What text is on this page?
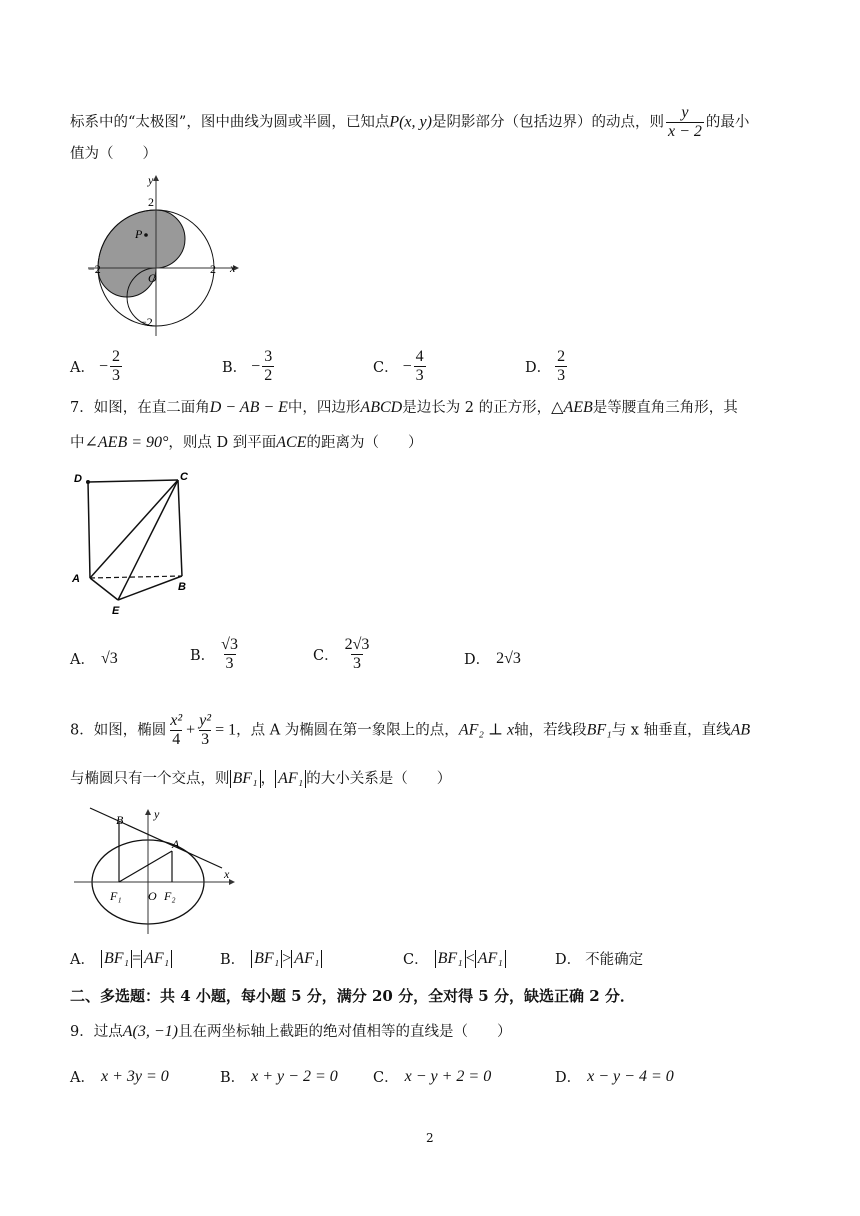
标系中的“太极图”，图中曲线为圆或半圆，已知点P(x, y)是阴影部分（包括边界）的动点，则 $\frac{y}{x - 2}$ 的最小
值为（　　）
y
x
O
P
2
−2
−2	2
A． − $\frac{2}{3}$	B． − $\frac{3}{2}$	C． − $\frac{4}{3}$	D． $\frac{2}{3}$
7．如图，在直二面角D − AB − E中，四边形ABCD是边长为 2 的正方形，△AEB是等腰直角三角形，其
中∠AEB = 90°，则点 D 到平面ACE的距离为（　　）
D	C
A
B
E
A． √3	B． $\frac{√3}{3}$	C． $\frac{2√3}{3}$	D． 2√3
8．如图，椭圆 $\frac{\text{x²}}{4} + \frac{\text{y²}}{3} = 1$，点 A 为椭圆在第一象限上的点，AF₂ ⊥ x轴，若线段BF₁与 x 轴垂直，直线AB
与椭圆只有一个交点，则 BF₁ ， AF₁ 的大小关系是（　　）
B	y
A
x
F₁ O F₂
A． BF₁ = AF₁	B． BF₁ > AF₁	C． BF₁ < AF₁	D． 不能确定
二、多选题：共 4 小题，每小题 5 分，满分 20 分，全对得 5 分，缺选正确 2 分．
9．过点A(3, −1)且在两坐标轴上截距的绝对值相等的直线是（　　）
A． x + 3y = 0	B． x + y − 2 = 0 C． x − y + 2 = 0	D． x − y − 4 = 0
2
